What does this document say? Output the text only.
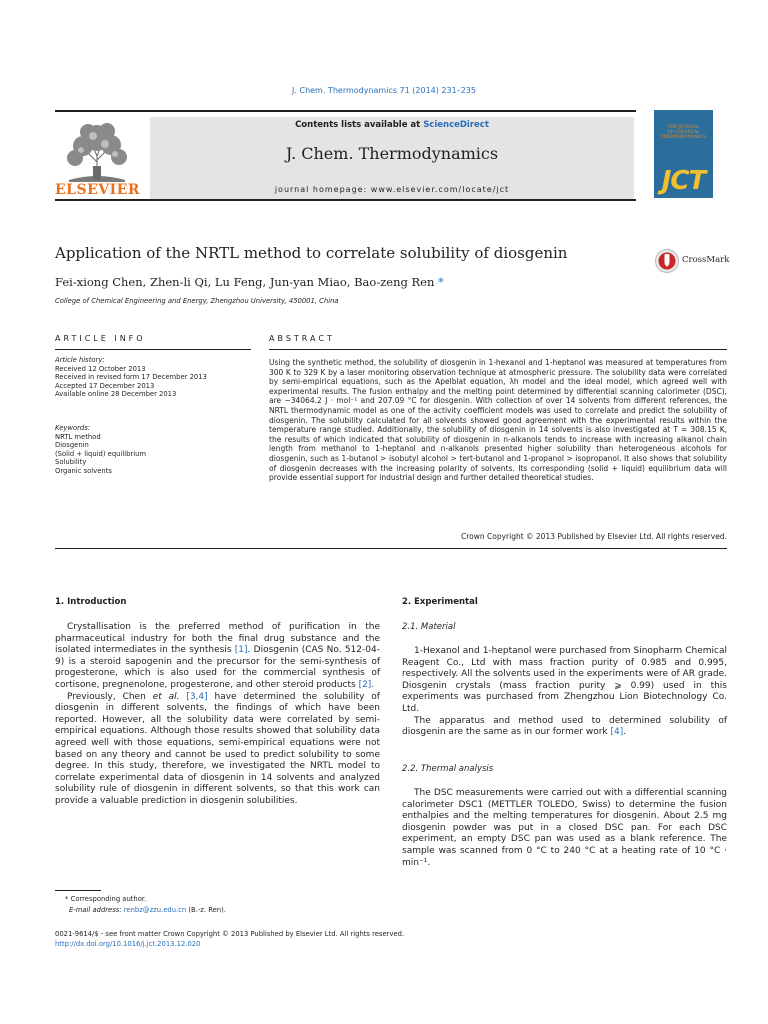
J. Chem. Thermodynamics 71 (2014) 231–235
ELSEVIER
Contents lists available at ScienceDirect
J. Chem. Thermodynamics
journal homepage: www.elsevier.com/locate/jct
THE JOURNAL
OF CHEMICAL
THERMODYNAMICS
JCT
Application of the NRTL method to correlate solubility of diosgenin	CrossMark
Fei-xiong Chen, Zhen-li Qi, Lu Feng, Jun-yan Miao, Bao-zeng Ren *
College of Chemical Engineering and Energy, Zhengzhou University, 450001, China
ARTICLE INFO	ABSTRACT
Article history:
Received 12 October 2013
Received in revised form 17 December 2013
Accepted 17 December 2013
Available online 28 December 2013
Keywords:
NRTL method
Diosgenin
(Solid + liquid) equilibrium
Solubility
Organic solvents
Using the synthetic method, the solubility of diosgenin in 1-hexanol and 1-heptanol was measured at temperatures from 300 K to 329 K by a laser monitoring observation technique at atmospheric pressure. The solubility data were correlated by semi-empirical equations, such as the Apelblat equation, λh model and the ideal model, which agreed well with experimental results. The fusion enthalpy and the melting point determined by differential scanning calorimeter (DSC), are −34064.2 J · mol⁻¹ and 207.09 °C for diosgenin. With collection of over 14 solvents from different references, the NRTL thermodynamic model as one of the activity coefficient models was used to correlate and predict the solubility of diosgenin. The solubility calculated for all solvents showed good agreement with the experimental results within the temperature range studied. Additionally, the solubility of diosgenin in 14 solvents is also investigated at T = 308.15 K, the results of which indicated that solubility of diosgenin in n-alkanols tends to increase with increasing alkanol chain length from methanol to 1-heptanol and n-alkanols presented higher solubility than heterogeneous alcohols for diosgenin, such as 1-butanol > isobutyl alcohol > tert-butanol and 1-propanol > isopropanol. It also shows that solubility of diosgenin decreases with the increasing polarity of solvents. Its corresponding (solid + liquid) equilibrium data will provide essential support for industrial design and further detailed theoretical studies.
Crown Copyright © 2013 Published by Elsevier Ltd. All rights reserved.
1. Introduction

Crystallisation is the preferred method of purification in the pharmaceutical industry for both the final drug substance and the isolated intermediates in the synthesis [1]. Diosgenin (CAS No. 512-04-9) is a steroid sapogenin and the precursor for the semi-synthesis of progesterone, which is also used for the commercial synthesis of cortisone, pregnenolone, progesterone, and other steroid products [2].

Previously, Chen et al. [3,4] have determined the solubility of diosgenin in different solvents, the findings of which have been reported. However, all the solubility data were correlated by semi-empirical equations. Although those results showed that solubility data agreed well with those equations, semi-empirical equations were not based on any theory and cannot be used to predict solubility to some degree. In this study, therefore, we investigated the NRTL model to correlate experimental data of diosgenin in 14 solvents and analyzed solubility rule of diosgenin in different solvents, so that this work can provide a valuable prediction in diosgenin solubilities.

2. Experimental
2.1. Material

1-Hexanol and 1-heptanol were purchased from Sinopharm Chemical Reagent Co., Ltd with mass fraction purity of 0.985 and 0.995, respectively. All the solvents used in the experiments were of AR grade. Diosgenin crystals (mass fraction purity ⩾ 0.99) used in this experiments was purchased from Zhengzhou Lion Biotechnology Co. Ltd.

The apparatus and method used to determined solubility of diosgenin are the same as in our former work [4].

2.2. Thermal analysis

The DSC measurements were carried out with a differential scanning calorimeter DSC1 (METTLER TOLEDO, Swiss) to determine the fusion enthalpies and the melting temperatures for diosgenin. About 2.5 mg diosgenin powder was put in a closed DSC pan. For each DSC experiment, an empty DSC pan was used as a blank reference. The sample was scanned from 0 °C to 240 °C at a heating rate of 10 °C · min⁻¹.

* Corresponding author.
E-mail address: renbz@zzu.edu.cn (B.-z. Ren).
0021-9614/$ - see front matter Crown Copyright © 2013 Published by Elsevier Ltd. All rights reserved.
http://dx.doi.org/10.1016/j.jct.2013.12.020
